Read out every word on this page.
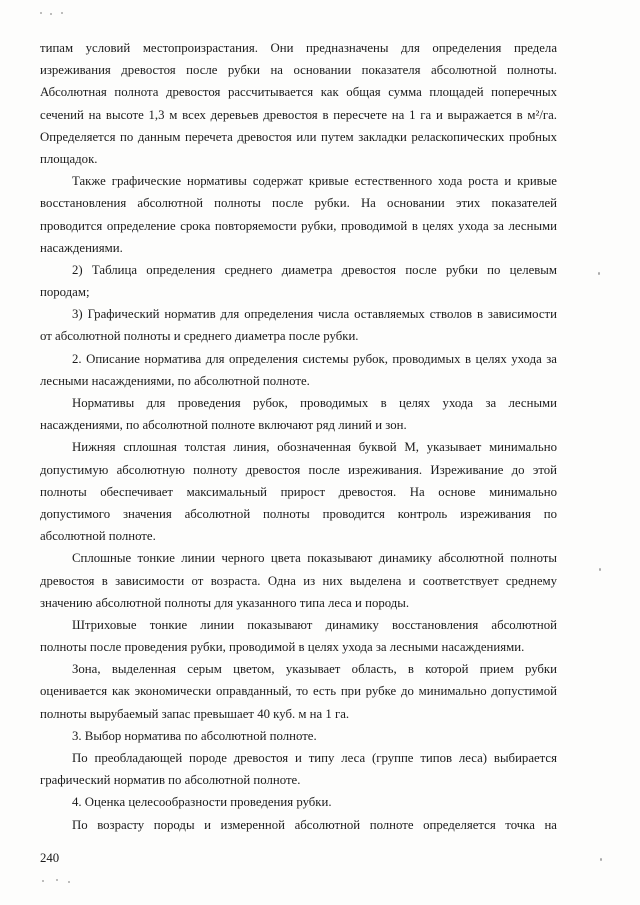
типам условий местопроизрастания. Они предназначены для определения предела
изреживания древостоя после рубки на основании показателя абсолютной полноты.
Абсолютная полнота древостоя рассчитывается как общая сумма площадей поперечных
сечений на высоте 1,3 м всех деревьев древостоя в пересчете на 1 га и выражается в м²/га.
Определяется по данным перечета древостоя или путем закладки реласкопических пробных
площадок.
Также графические нормативы содержат кривые естественного хода роста и кривые
восстановления абсолютной полноты после рубки. На основании этих показателей
проводится определение срока повторяемости рубки, проводимой в целях ухода за лесными
насаждениями.
2) Таблица определения среднего диаметра древостоя после рубки по целевым
породам;
3) Графический норматив для определения числа оставляемых стволов в зависимости
от абсолютной полноты и среднего диаметра после рубки.
2. Описание норматива для определения системы рубок, проводимых в целях ухода за
лесными насаждениями, по абсолютной полноте.
Нормативы для проведения рубок, проводимых в целях ухода за лесными
насаждениями, по абсолютной полноте включают ряд линий и зон.
Нижняя сплошная толстая линия, обозначенная буквой М, указывает минимально
допустимую абсолютную полноту древостоя после изреживания. Изреживание до этой
полноты обеспечивает максимальный прирост древостоя. На основе минимально
допустимого значения абсолютной полноты проводится контроль изреживания по
абсолютной полноте.
Сплошные тонкие линии черного цвета показывают динамику абсолютной полноты
древостоя в зависимости от возраста. Одна из них выделена и соответствует среднему
значению абсолютной полноты для указанного типа леса и породы.
Штриховые тонкие линии показывают динамику восстановления абсолютной
полноты после проведения рубки, проводимой в целях ухода за лесными насаждениями.
Зона, выделенная серым цветом, указывает область, в которой прием рубки
оценивается как экономически оправданный, то есть при рубке до минимально допустимой
полноты вырубаемый запас превышает 40 куб. м на 1 га.
3. Выбор норматива по абсолютной полноте.
По преобладающей породе древостоя и типу леса (группе типов леса) выбирается
графический норматив по абсолютной полноте.
4. Оценка целесообразности проведения рубки.
По возрасту породы и измеренной абсолютной полноте определяется точка на
240
